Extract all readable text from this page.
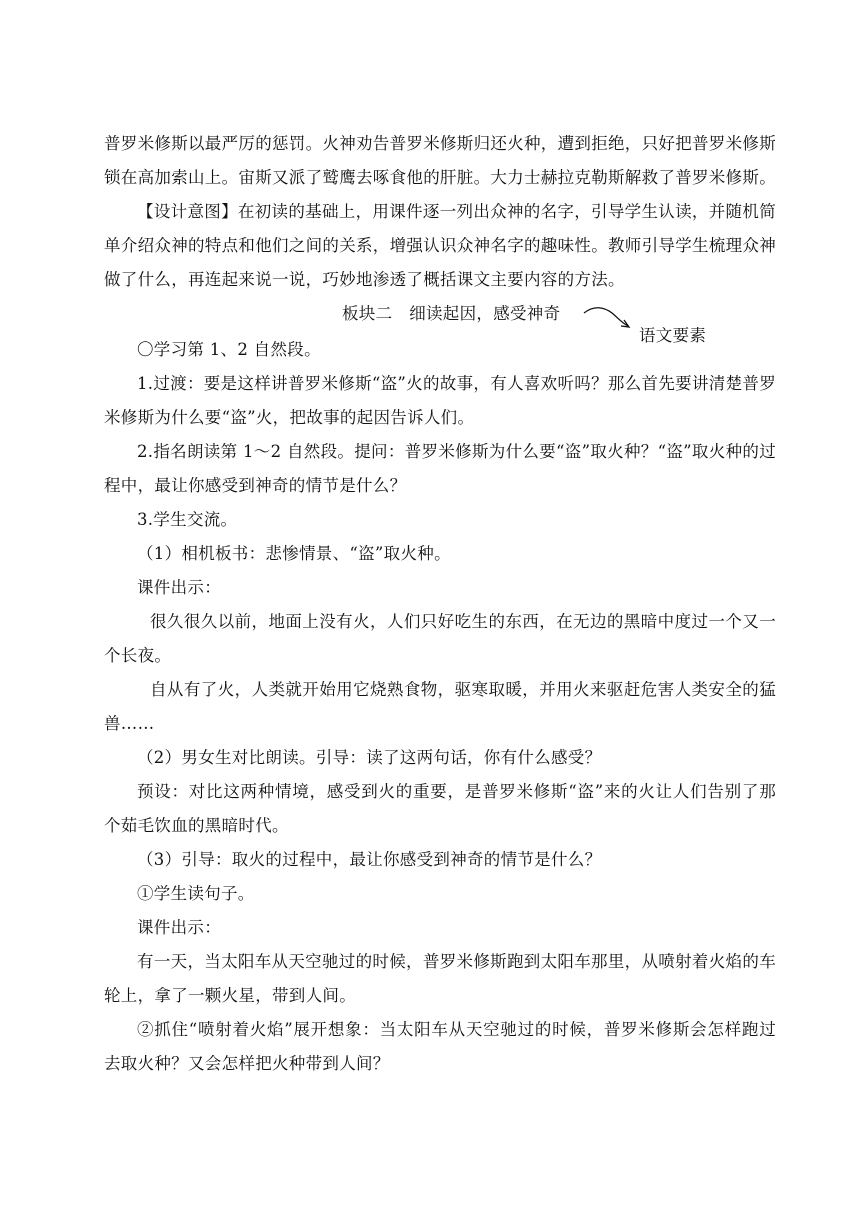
普罗米修斯以最严厉的惩罚。火神劝告普罗米修斯归还火种，遭到拒绝，只好把普罗米修斯锁在高加索山上。宙斯又派了鹫鹰去啄食他的肝脏。大力士赫拉克勒斯解救了普罗米修斯。

【设计意图】在初读的基础上，用课件逐一列出众神的名字，引导学生认读，并随机简单介绍众神的特点和他们之间的关系，增强认识众神名字的趣味性。教师引导学生梳理众神做了什么，再连起来说一说，巧妙地渗透了概括课文主要内容的方法。

板块二　细读起因，感受神奇
语文要素

〇学习第 1、2 自然段。

1.过渡：要是这样讲普罗米修斯“盗”火的故事，有人喜欢听吗？那么首先要讲清楚普罗米修斯为什么要“盗”火，把故事的起因告诉人们。

2.指名朗读第 1～2 自然段。提问：普罗米修斯为什么要“盗”取火种？“盗”取火种的过程中，最让你感受到神奇的情节是什么？

3.学生交流。

（1）相机板书：悲惨情景、“盗”取火种。

课件出示：

很久很久以前，地面上没有火，人们只好吃生的东西，在无边的黑暗中度过一个又一个长夜。

自从有了火，人类就开始用它烧熟食物，驱寒取暖，并用火来驱赶危害人类安全的猛兽……

（2）男女生对比朗读。引导：读了这两句话，你有什么感受？

预设：对比这两种情境，感受到火的重要，是普罗米修斯“盗”来的火让人们告别了那个茹毛饮血的黑暗时代。

（3）引导：取火的过程中，最让你感受到神奇的情节是什么？

①学生读句子。

课件出示：

有一天，当太阳车从天空驰过的时候，普罗米修斯跑到太阳车那里，从喷射着火焰的车轮上，拿了一颗火星，带到人间。

②抓住“喷射着火焰”展开想象：当太阳车从天空驰过的时候，普罗米修斯会怎样跑过去取火种？又会怎样把火种带到人间？
